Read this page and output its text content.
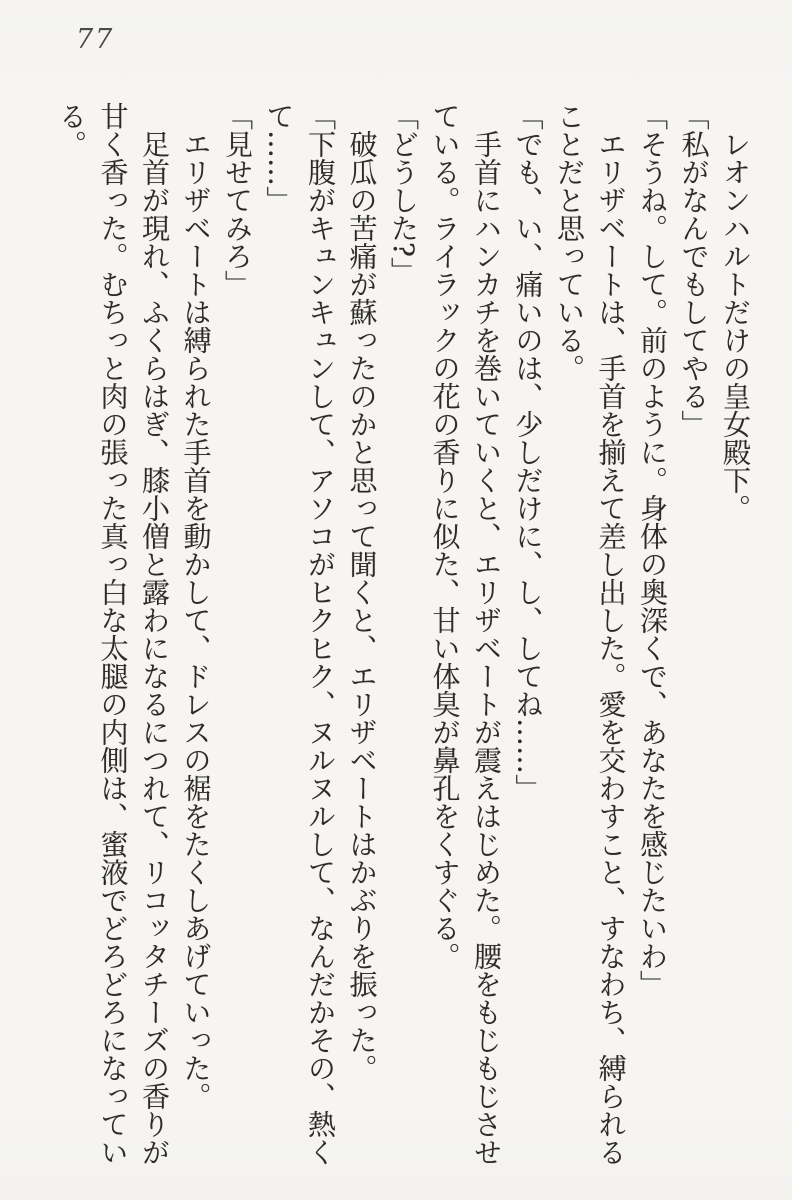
77

　レオンハルトだけの皇女殿下。

「私がなんでもしてやる」

「そうね。して。前のように。身体の奥深くで、あなたを感じたいわ」

　エリザベートは、手首を揃えて差し出した。愛を交わすこと、すなわち、縛られる

ことだと思っている。

「でも、い、痛いのは、少しだけに、し、してね……」

　手首にハンカチを巻いていくと、エリザベートが震えはじめた。腰をもじもじさせ

ている。ライラックの花の香りに似た、甘い体臭が鼻孔をくすぐる。

「どうした?」

　破瓜の苦痛が蘇ったのかと思って聞くと、エリザベートはかぶりを振った。

「下腹がキュンキュンして、アソコがヒクヒク、ヌルヌルして、なんだかその、熱く

て……」

「見せてみろ」

　エリザベートは縛られた手首を動かして、ドレスの裾をたくしあげていった。

　足首が現れ、ふくらはぎ、膝小僧と露わになるにつれて、リコッタチーズの香りが

甘く香った。むちっと肉の張った真っ白な太腿の内側は、蜜液でどろどろになってい

る。
